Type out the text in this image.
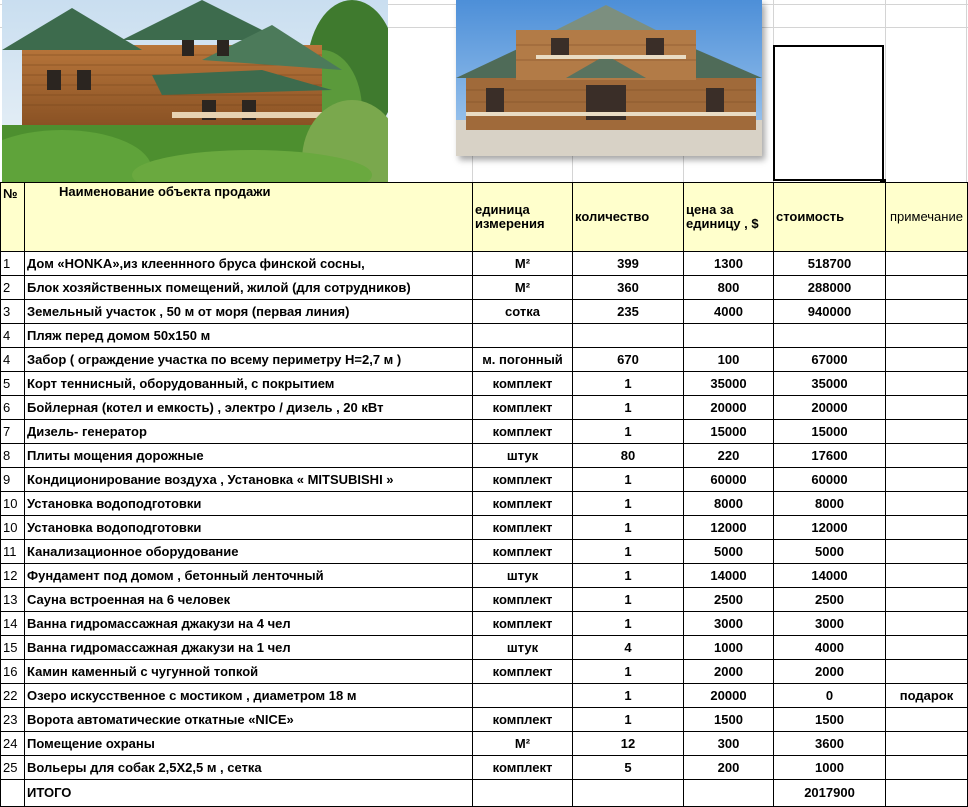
№	Наименование объекта продажи	единица измерения	количество	цена за единицу , $	стоимость	примечание
1	Дом «HONKA»,из клееннного бруса финской сосны,	М²	399	1300	518700	
2	Блок хозяйственных помещений, жилой (для сотрудников)	М²	360	800	288000	
3	Земельный участок , 50 м от моря (первая линия)	сотка	235	4000	940000	
4	Пляж перед домом 50х150 м					
4	Забор ( ограждение участка по всему периметру Н=2,7 м )	м. погонный	670	100	67000	
5	Корт теннисный, оборудованный, с покрытием	комплект	1	35000	35000	
6	Бойлерная (котел и емкость) , электро / дизель , 20 кВт	комплект	1	20000	20000	
7	Дизель- генератор	комплект	1	15000	15000	
8	Плиты мощения дорожные	штук	80	220	17600	
9	Кондиционирование воздуха , Установка « MITSUBISHI »	комплект	1	60000	60000	
10	Установка водоподготовки	комплект	1	8000	8000	
10	Установка водоподготовки	комплект	1	12000	12000	
11	Канализационное оборудование	комплект	1	5000	5000	
12	Фундамент под домом , бетонный ленточный	штук	1	14000	14000	
13	Сауна встроенная на 6 человек	комплект	1	2500	2500	
14	Ванна гидромассажная джакузи на 4 чел	комплект	1	3000	3000	
15	Ванна гидромассажная джакузи на 1 чел	штук	4	1000	4000	
16	Камин каменный с чугунной топкой	комплект	1	2000	2000	
22	Озеро искусственное с мостиком , диаметром 18 м		1	20000	0	подарок
23	Ворота автоматические откатные «NICE»	комплект	1	1500	1500	
24	Помещение охраны	М²	12	300	3600	
25	Вольеры для собак 2,5Х2,5 м , сетка	комплект	5	200	1000	
	ИТОГО				2017900	
